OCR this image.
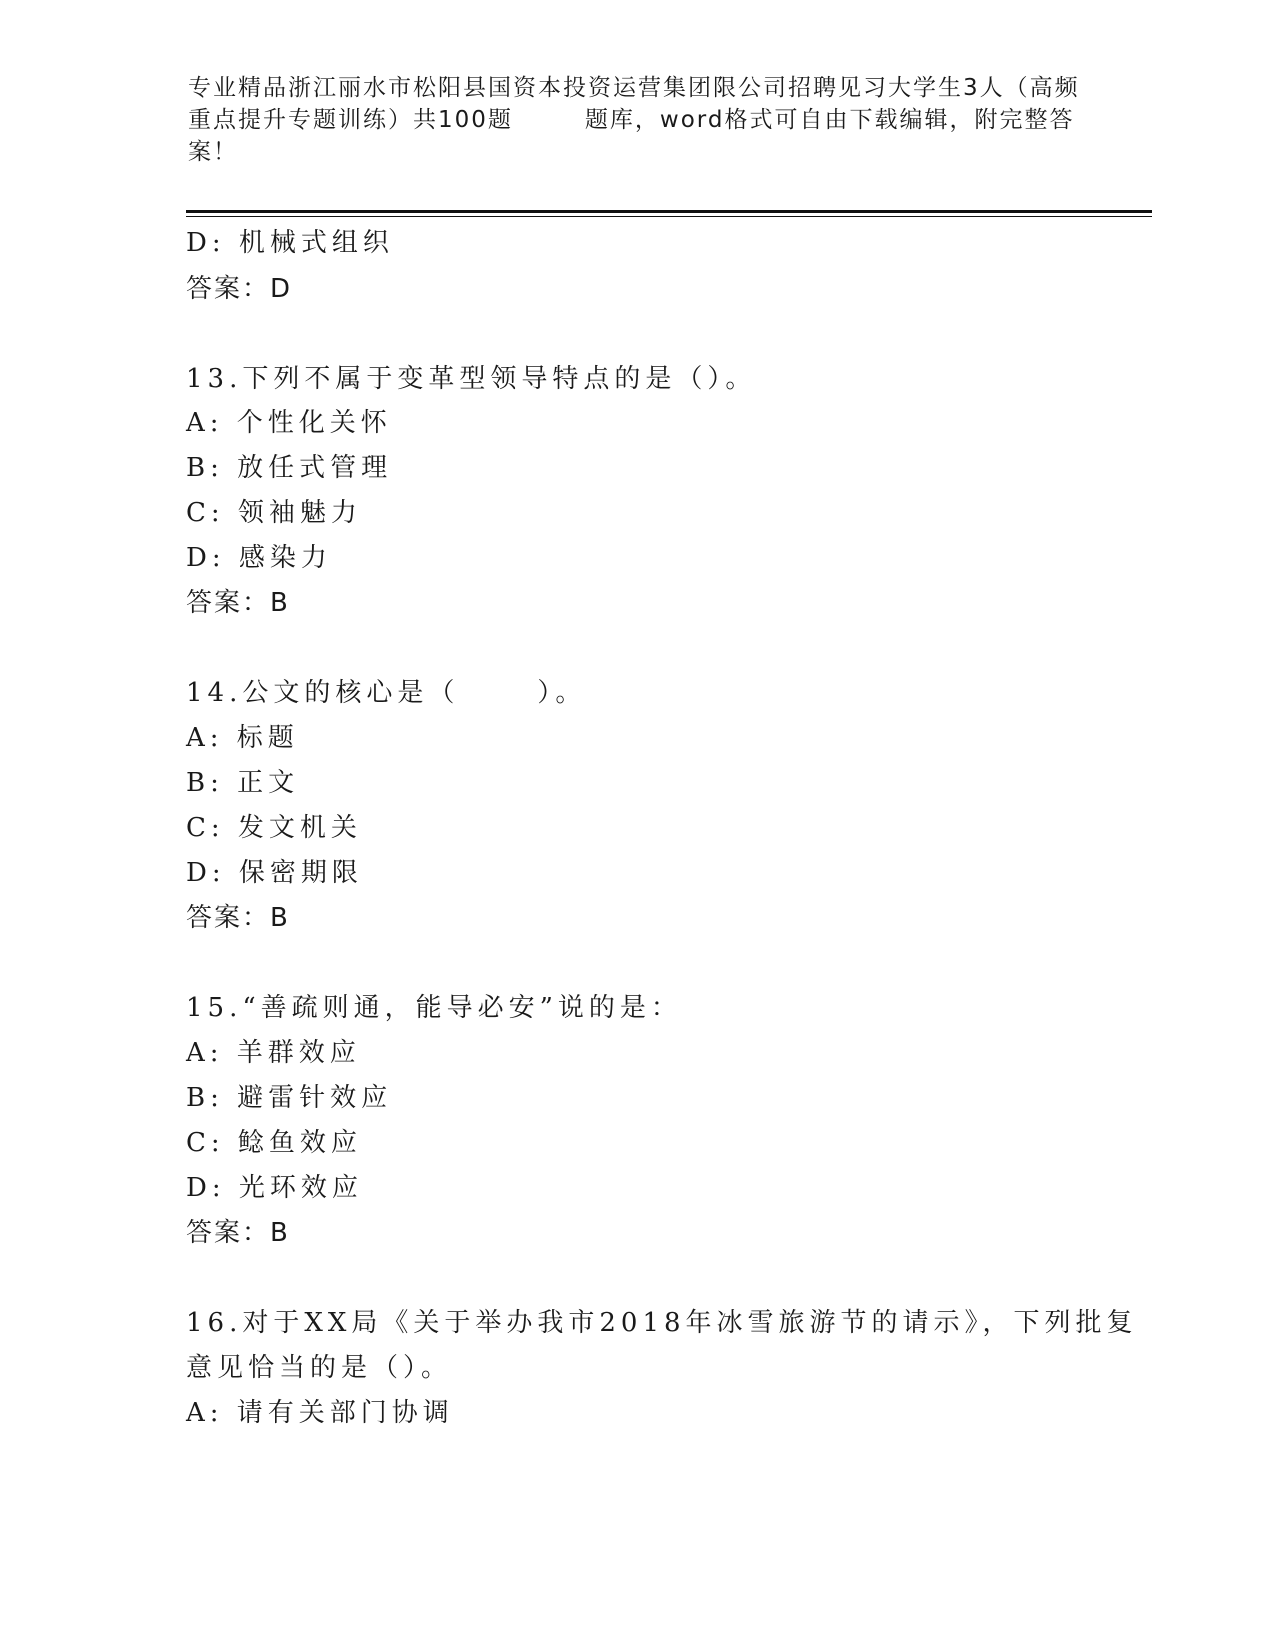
专业精品浙江丽水市松阳县国资本投资运营集团限公司招聘见习大学生3人（高频
重点提升专题训练）共100题	题库，word格式可自由下载编辑，附完整答
案！
D: 机械式组织
答案：D
13.下列不属于变革型领导特点的是（）。
A: 个性化关怀
B: 放任式管理
C: 领袖魅力
D: 感染力
答案：B
14.公文的核心是（	）。
A: 标题
B: 正文
C: 发文机关
D: 保密期限
答案：B
15.“善疏则通，能导必安”说的是：
A: 羊群效应
B: 避雷针效应
C: 鲶鱼效应
D: 光环效应
答案：B
16.对于XX局《关于举办我市2018年冰雪旅游节的请示》，下列批复
意见恰当的是（）。
A: 请有关部门协调
